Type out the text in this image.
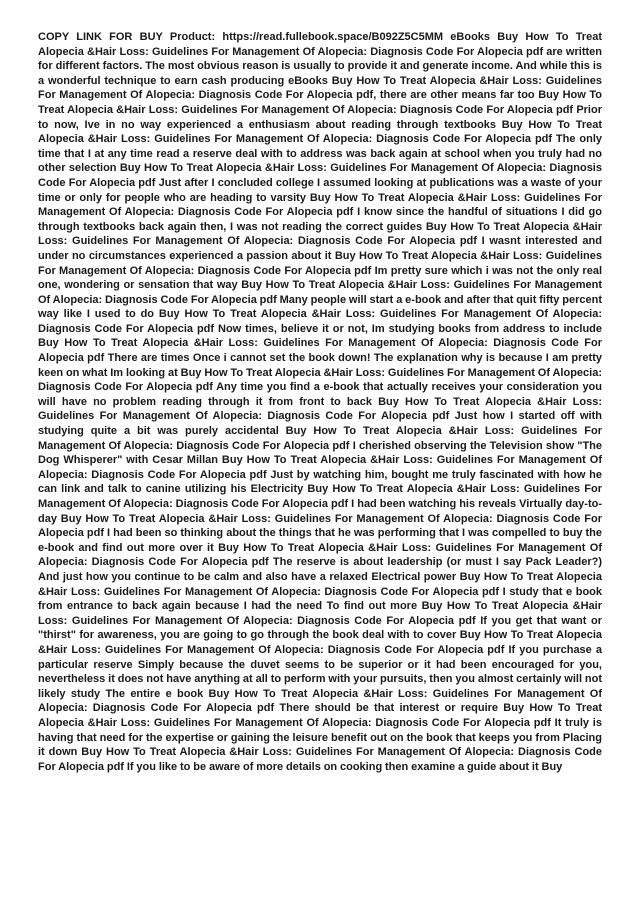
COPY LINK FOR BUY Product: https://read.fullebook.space/B092Z5C5MM eBooks Buy How To Treat Alopecia &Hair Loss: Guidelines For Management Of Alopecia: Diagnosis Code For Alopecia pdf are written for different factors. The most obvious reason is usually to provide it and generate income. And while this is a wonderful technique to earn cash producing eBooks Buy How To Treat Alopecia &Hair Loss: Guidelines For Management Of Alopecia: Diagnosis Code For Alopecia pdf, there are other means far too Buy How To Treat Alopecia &Hair Loss: Guidelines For Management Of Alopecia: Diagnosis Code For Alopecia pdf Prior to now, Ive in no way experienced a enthusiasm about reading through textbooks Buy How To Treat Alopecia &Hair Loss: Guidelines For Management Of Alopecia: Diagnosis Code For Alopecia pdf The only time that I at any time read a reserve deal with to address was back again at school when you truly had no other selection Buy How To Treat Alopecia &Hair Loss: Guidelines For Management Of Alopecia: Diagnosis Code For Alopecia pdf Just after I concluded college I assumed looking at publications was a waste of your time or only for people who are heading to varsity Buy How To Treat Alopecia &Hair Loss: Guidelines For Management Of Alopecia: Diagnosis Code For Alopecia pdf I know since the handful of situations I did go through textbooks back again then, I was not reading the correct guides Buy How To Treat Alopecia &Hair Loss: Guidelines For Management Of Alopecia: Diagnosis Code For Alopecia pdf I wasnt interested and under no circumstances experienced a passion about it Buy How To Treat Alopecia &Hair Loss: Guidelines For Management Of Alopecia: Diagnosis Code For Alopecia pdf Im pretty sure which i was not the only real one, wondering or sensation that way Buy How To Treat Alopecia &Hair Loss: Guidelines For Management Of Alopecia: Diagnosis Code For Alopecia pdf Many people will start a e-book and after that quit fifty percent way like I used to do Buy How To Treat Alopecia &Hair Loss: Guidelines For Management Of Alopecia: Diagnosis Code For Alopecia pdf Now times, believe it or not, Im studying books from address to include Buy How To Treat Alopecia &Hair Loss: Guidelines For Management Of Alopecia: Diagnosis Code For Alopecia pdf There are times Once i cannot set the book down! The explanation why is because I am pretty keen on what Im looking at Buy How To Treat Alopecia &Hair Loss: Guidelines For Management Of Alopecia: Diagnosis Code For Alopecia pdf Any time you find a e-book that actually receives your consideration you will have no problem reading through it from front to back Buy How To Treat Alopecia &Hair Loss: Guidelines For Management Of Alopecia: Diagnosis Code For Alopecia pdf Just how I started off with studying quite a bit was purely accidental Buy How To Treat Alopecia &Hair Loss: Guidelines For Management Of Alopecia: Diagnosis Code For Alopecia pdf I cherished observing the Television show "The Dog Whisperer" with Cesar Millan Buy How To Treat Alopecia &Hair Loss: Guidelines For Management Of Alopecia: Diagnosis Code For Alopecia pdf Just by watching him, bought me truly fascinated with how he can link and talk to canine utilizing his Electricity Buy How To Treat Alopecia &Hair Loss: Guidelines For Management Of Alopecia: Diagnosis Code For Alopecia pdf I had been watching his reveals Virtually day-to-day Buy How To Treat Alopecia &Hair Loss: Guidelines For Management Of Alopecia: Diagnosis Code For Alopecia pdf I had been so thinking about the things that he was performing that I was compelled to buy the e-book and find out more over it Buy How To Treat Alopecia &Hair Loss: Guidelines For Management Of Alopecia: Diagnosis Code For Alopecia pdf The reserve is about leadership (or must I say Pack Leader?) And just how you continue to be calm and also have a relaxed Electrical power Buy How To Treat Alopecia &Hair Loss: Guidelines For Management Of Alopecia: Diagnosis Code For Alopecia pdf I study that e book from entrance to back again because I had the need To find out more Buy How To Treat Alopecia &Hair Loss: Guidelines For Management Of Alopecia: Diagnosis Code For Alopecia pdf If you get that want or "thirst" for awareness, you are going to go through the book deal with to cover Buy How To Treat Alopecia &Hair Loss: Guidelines For Management Of Alopecia: Diagnosis Code For Alopecia pdf If you purchase a particular reserve Simply because the duvet seems to be superior or it had been encouraged for you, nevertheless it does not have anything at all to perform with your pursuits, then you almost certainly will not likely study The entire e book Buy How To Treat Alopecia &Hair Loss: Guidelines For Management Of Alopecia: Diagnosis Code For Alopecia pdf There should be that interest or require Buy How To Treat Alopecia &Hair Loss: Guidelines For Management Of Alopecia: Diagnosis Code For Alopecia pdf It truly is having that need for the expertise or gaining the leisure benefit out on the book that keeps you from Placing it down Buy How To Treat Alopecia &Hair Loss: Guidelines For Management Of Alopecia: Diagnosis Code For Alopecia pdf If you like to be aware of more details on cooking then examine a guide about it Buy
